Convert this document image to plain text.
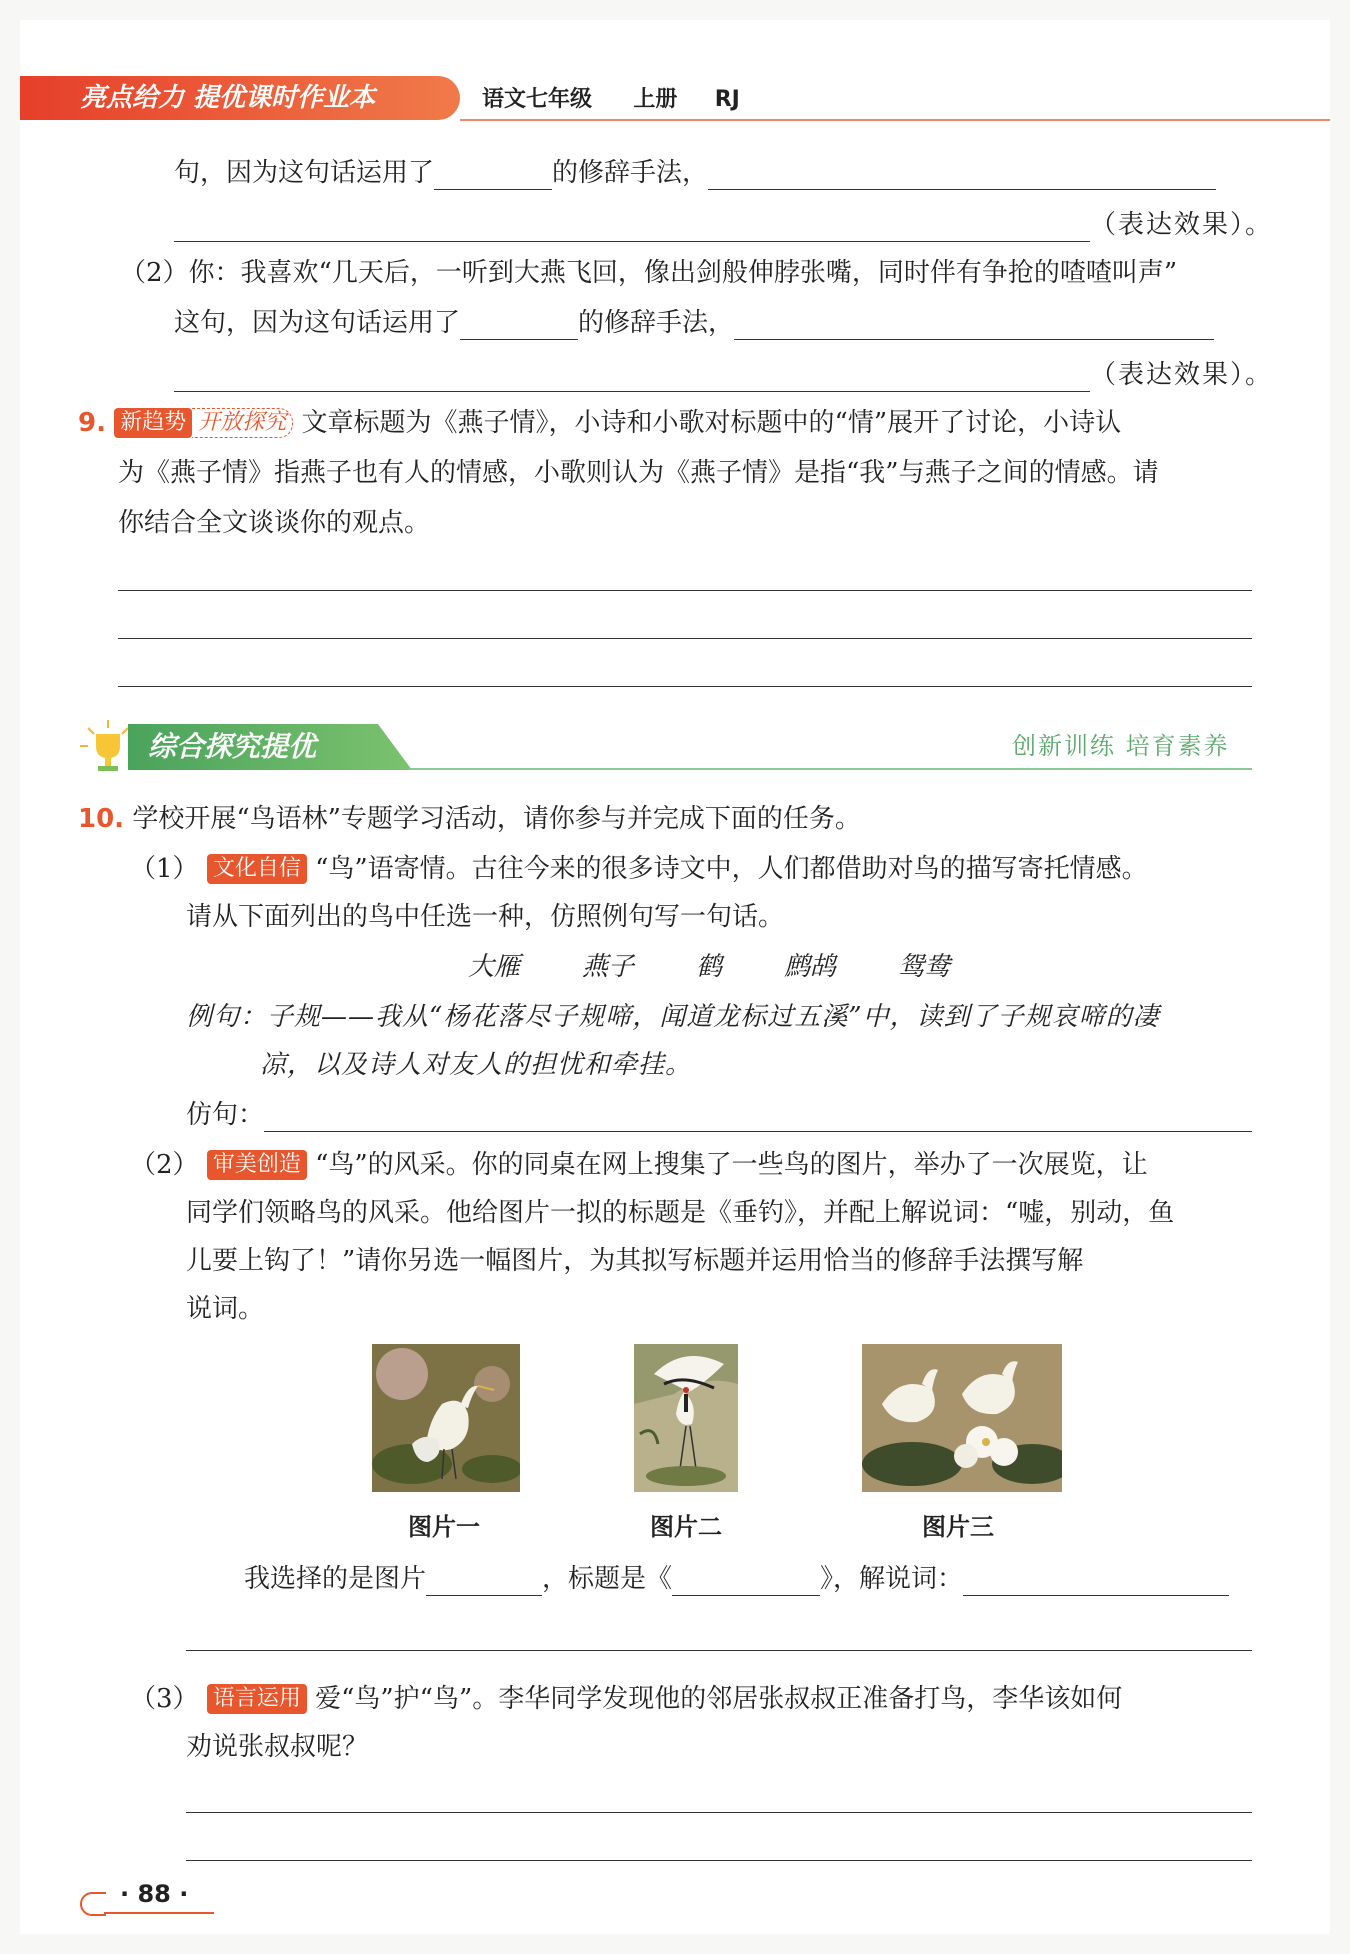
亮点给力 提优课时作业本	语文七年级 上册 RJ
句，因为这句话运用了	的修辞手法，
（表达效果）。
（2）你：我喜欢“几天后，一听到大燕飞回，像出剑般伸脖张嘴，同时伴有争抢的喳喳叫声”
这句，因为这句话运用了	的修辞手法，
（表达效果）。
9. 新趋势 开放探究 文章标题为《燕子情》，小诗和小歌对标题中的“情”展开了讨论，小诗认
为《燕子情》指燕子也有人的情感，小歌则认为《燕子情》是指“我”与燕子之间的情感。请
你结合全文谈谈你的观点。
综合探究提优	创新训练 培育素养
10. 学校开展“鸟语林”专题学习活动，请你参与并完成下面的任务。
（1） 文化自信 “鸟”语寄情。古往今来的很多诗文中，人们都借助对鸟的描写寄托情感。
请从下面列出的鸟中任选一种，仿照例句写一句话。
大雁 燕子 鹤 鹧鸪 鸳鸯
例句：子规——我从“杨花落尽子规啼，闻道龙标过五溪”中，读到了子规哀啼的凄
凉，以及诗人对友人的担忧和牵挂。
仿句：
（2） 审美创造 “鸟”的风采。你的同桌在网上搜集了一些鸟的图片，举办了一次展览，让
同学们领略鸟的风采。他给图片一拟的标题是《垂钓》，并配上解说词：“嘘，别动，鱼
儿要上钩了！”请你另选一幅图片，为其拟写标题并运用恰当的修辞手法撰写解
说词。
图片一	图片二	图片三
我选择的是图片	，标题是《	》，解说词：
（3） 语言运用 爱“鸟”护“鸟”。李华同学发现他的邻居张叔叔正准备打鸟，李华该如何
劝说张叔叔呢？
· 88 ·
